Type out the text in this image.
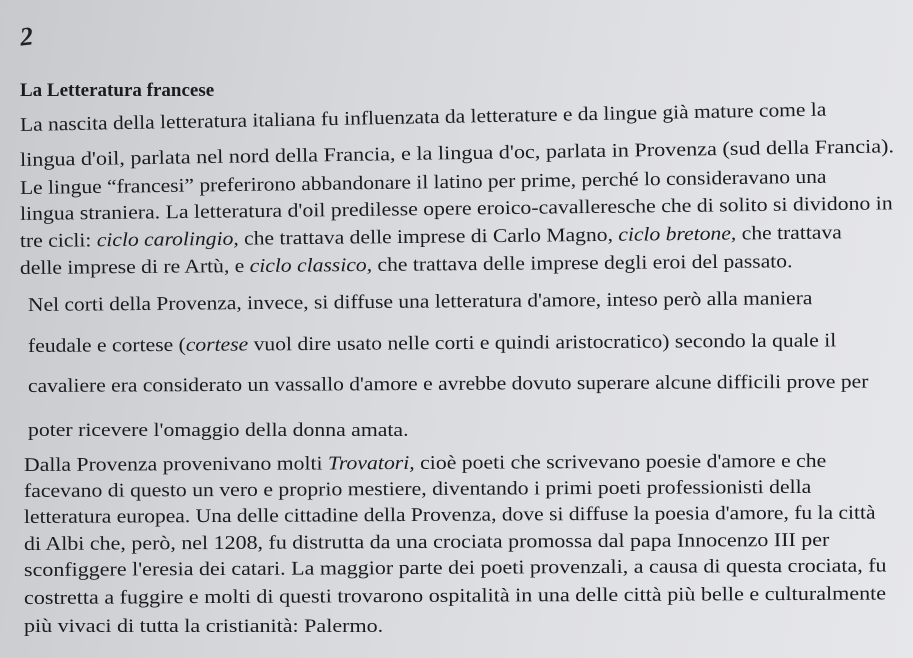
2
La Letteratura francese
La nascita della letteratura italiana fu influenzata da letterature e da lingue già mature come la
lingua d'oil, parlata nel nord della Francia, e la lingua d'oc, parlata in Provenza (sud della Francia).
Le lingue “francesi” preferirono abbandonare il latino per prime, perché lo consideravano una
lingua straniera. La letteratura d'oil predilesse opere eroico-cavalleresche che di solito si dividono in
tre cicli: ciclo carolingio, che trattava delle imprese di Carlo Magno, ciclo bretone, che trattava
delle imprese di re Artù, e ciclo classico, che trattava delle imprese degli eroi del passato.
Nel corti della Provenza, invece, si diffuse una letteratura d'amore, inteso però alla maniera
feudale e cortese (cortese vuol dire usato nelle corti e quindi aristocratico) secondo la quale il
cavaliere era considerato un vassallo d'amore e avrebbe dovuto superare alcune difficili prove per
poter ricevere l'omaggio della donna amata.
Dalla Provenza provenivano molti Trovatori, cioè poeti che scrivevano poesie d'amore e che
facevano di questo un vero e proprio mestiere, diventando i primi poeti professionisti della
letteratura europea. Una delle cittadine della Provenza, dove si diffuse la poesia d'amore, fu la città
di Albi che, però, nel 1208, fu distrutta da una crociata promossa dal papa Innocenzo III per
sconfiggere l'eresia dei catari. La maggior parte dei poeti provenzali, a causa di questa crociata, fu
costretta a fuggire e molti di questi trovarono ospitalità in una delle città più belle e culturalmente
più vivaci di tutta la cristianità: Palermo.
